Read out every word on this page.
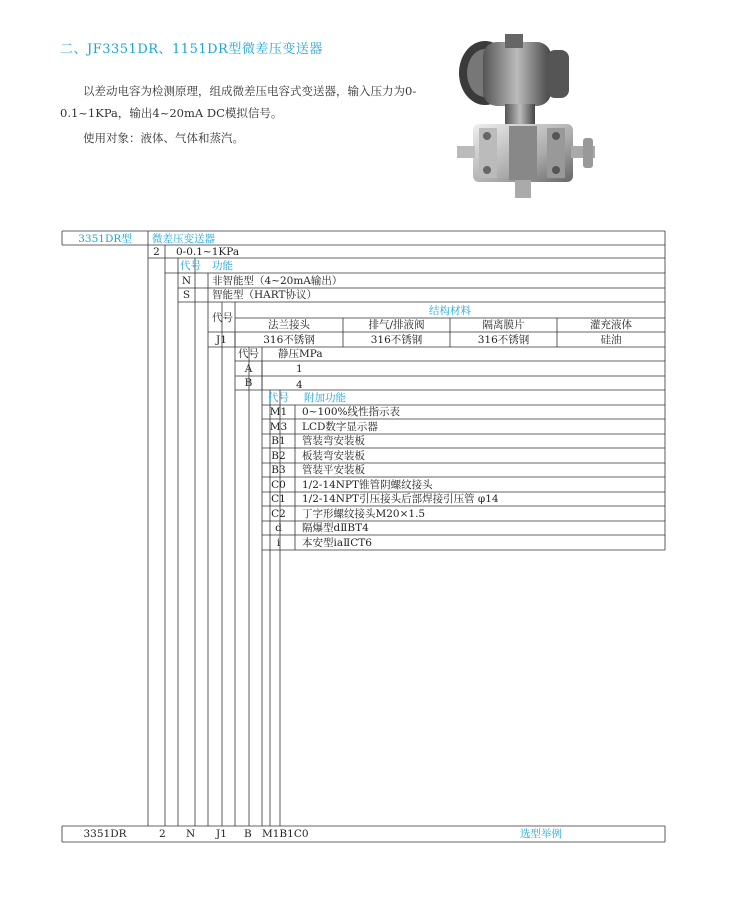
二、JF3351DR、1151DR型微差压变送器

以差动电容为检测原理，组成微差压电容式变送器，输入压力为0-0.1~1KPa，输出4~20mA DC模拟信号。

使用对象：液体、气体和蒸汽。

3351DR型	微差压变送器
2	0-0.1~1KPa
代号 功能
N	非智能型（4~20mA输出）
S	智能型（HART协议）
结构材料
代号
法兰接头	排气/排液阀	隔离膜片	灌充液体
J1	316不锈钢	316不锈钢	316不锈钢	硅油
代号 静压MPa
A	1
B	4
代号 附加功能
M1	0~100%线性指示表
M3	LCD数字显示器
B1	管装弯安装板
B2	板装弯安装板
B3	管装平安装板
C0	1/2-14NPT锥管阴螺纹接头
C1	1/2-14NPT引压接头后部焊接引压管 φ14
C2	丁字形螺纹接头M20×1.5
d	隔爆型dⅡBT4
i	本安型iaⅡCT6
3351DR	2 N J1 B M1B1C0	选型举例
